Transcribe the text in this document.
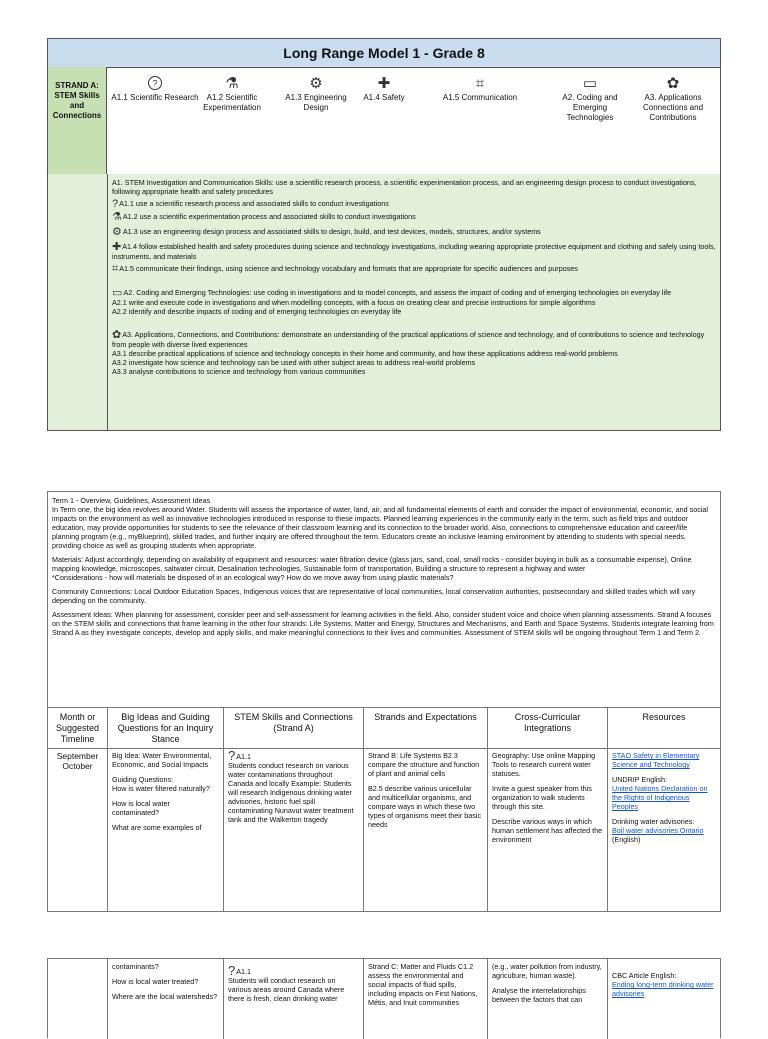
Long Range Model 1 - Grade 8
STRAND A: STEM Skills and Connections
?
A1.1 Scientific Research
⚗
A1.2 Scientific Experimentation
⚙
A1.3 Engineering Design
✚
A1.4 Safety
⌗
A1.5 Communication
▭
A2. Coding and Emerging Technologies
✿
A3. Applications Connections and Contributions

A1. STEM Investigation and Communication Skills: use a scientific research process, a scientific experimentation process, and an engineering design process to conduct investigations, following appropriate health and safety procedures

?A1.1 use a scientific research process and associated skills to conduct investigations

⚗A1.2 use a scientific experimentation process and associated skills to conduct investigations

⚙A1.3 use an engineering design process and associated skills to design, build, and test devices, models, structures, and/or systems

✚A1.4 follow established health and safety procedures during science and technology investigations, including wearing appropriate protective equipment and clothing and safely using tools, instruments, and materials

⌗A1.5 communicate their findings, using science and technology vocabulary and formats that are appropriate for specific audiences and purposes

▭A2. Coding and Emerging Technologies: use coding in investigations and to model concepts, and assess the impact of coding and of emerging technologies on everyday life

A2.1 write and execute code in investigations and when modelling concepts, with a focus on creating clear and precise instructions for simple algorithms

A2.2 identify and describe impacts of coding and of emerging technologies on everyday life

✿A3. Applications, Connections, and Contributions: demonstrate an understanding of the practical applications of science and technology, and of contributions to science and technology from people with diverse lived experiences

A3.1 describe practical applications of science and technology concepts in their home and community, and how these applications address real-world problems

A3.2 investigate how science and technology can be used with other subject areas to address real-world problems

A3.3 analyse contributions to science and technology from various communities

Term 1 - Overview, Guidelines, Assessment Ideas

In Term one, the big idea revolves around Water. Students will assess the importance of water, land, air, and all fundamental elements of earth and consider the impact of environmental, economic, and social impacts on the environment as well as innovative technologies introduced in response to these impacts. Planned learning experiences in the community early in the term, such as field trips and outdoor education, may provide opportunities for students to see the relevance of their classroom learning and its connection to the broader world. Also, connections to comprehensive education and career/life planning program (e.g., myBlueprint), skilled trades, and further inquiry are offered throughout the term. Educators create an inclusive learning environment by attending to students with special needs, providing choice as well as grouping students when appropriate.

Materials: Adjust accordingly, depending on availability of equipment and resources: water filtration device (glass jars, sand, coal, small rocks - consider buying in bulk as a consumable expense), Online mapping knowledge, microscopes, saltwater circuit, Desalination technologies, Sustainable form of transportation, Building a structure to represent a highway and water

*Considerations - how will materials be disposed of in an ecological way? How do we move away from using plastic materials?

Community Connections: Local Outdoor Education Spaces, Indigenous voices that are representative of local communities, local conservation authorities, postsecondary and skilled trades which will vary depending on the community.

Assessment Ideas: When planning for assessment, consider peer and self-assessment for learning activities in the field. Also, consider student voice and choice when planning assessments. Strand A focuses on the STEM skills and connections that frame learning in the other four strands: Life Systems, Matter and Energy, Structures and Mechanisms, and Earth and Space Systems. Students integrate learning from Strand A as they investigate concepts, develop and apply skills, and make meaningful connections to their lives and communities. Assessment of STEM skills will be ongoing throughout Term 1 and Term 2.

Month or Suggested Timeline
Big Ideas and Guiding Questions for an Inquiry Stance
STEM Skills and Connections (Strand A)
Strands and Expectations	Cross-Curricular Integrations
Resources
September October

Big Idea: Water Environmental, Economic, and Social Impacts

Guiding Questions:

How is water filtered naturally?

How is local water contaminated?

What are some examples of

?A1.1

Students conduct research on various water contaminations throughout Canada and locally Example: Students will research Indigenous drinking water advisories, historic fuel spill contaminating Nunavut water treatment tank and the Walkerton tragedy

Strand B: Life Systems B2.3 compare the structure and function of plant and animal cells

B2.5 describe various unicellular and multicellular organisms, and compare ways in which these two types of organisms meet their basic needs

Geography: Use online Mapping Tools to research current water statuses.

Invite a guest speaker from this organization to walk students through this site.

Describe various ways in which human settlement has affected the environment

STAO Safety in Elementary Science and Technology

UNDRIP English:

United Nations Declaration on the Rights of Indigenous Peoples

Drinking water advisories:

Boil water advisories Ontario (English)

contaminants?

How is local water treated?

Where are the local watersheds?

?A1.1

Students will conduct research on various areas around Canada where there is fresh, clean drinking water

Strand C: Matter and Fluids C1.2 assess the environmental and social impacts of fluid spills, including impacts on First Nations, Métis, and Inuit communities

(e.g., water pollution from industry, agriculture, human waste).

Analyse the interrelationships between the factors that can

CBC Article English:

Ending long-term drinking water advisories
